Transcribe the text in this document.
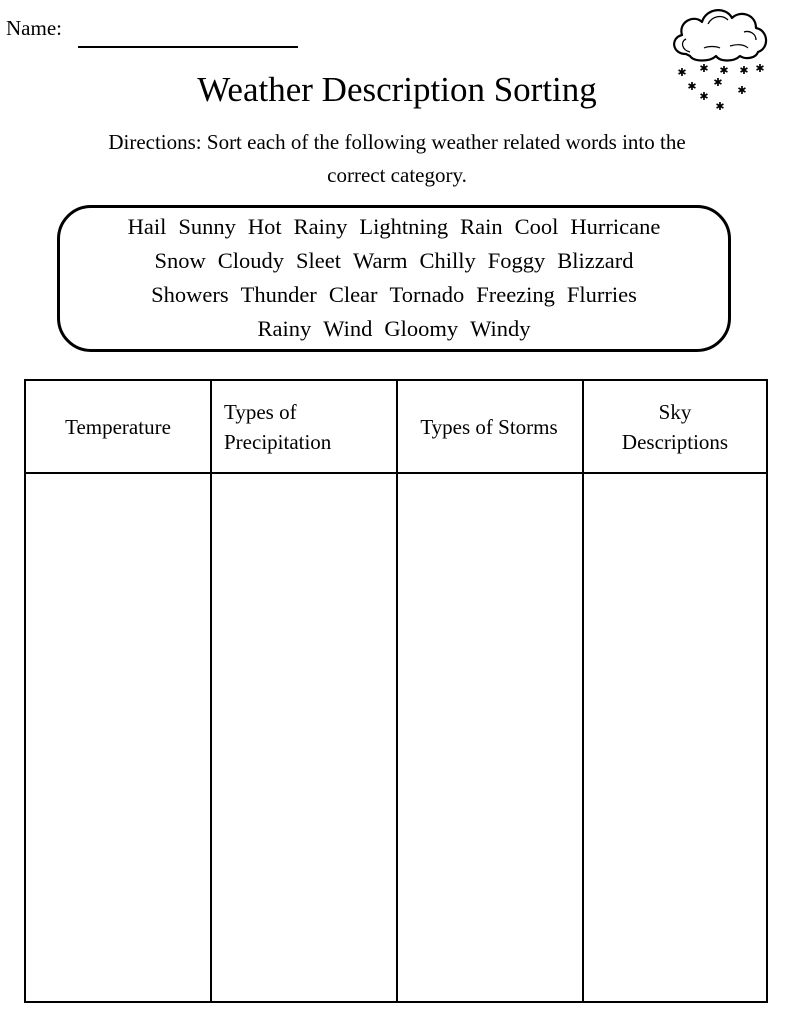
Name:
Weather Description Sorting	✱ ✱ ✱ ✱ ✱
✱ ✱
✱
✱
✱
Directions: Sort each of the following weather related words into the
correct category.
Hail Sunny Hot Rainy Lightning Rain Cool Hurricane
Snow Cloudy Sleet Warm Chilly Foggy Blizzard
Showers Thunder Clear Tornado Freezing Flurries
Rainy Wind Gloomy Windy
Temperature
Types of
Precipitation
Types of Storms
Sky
Descriptions
